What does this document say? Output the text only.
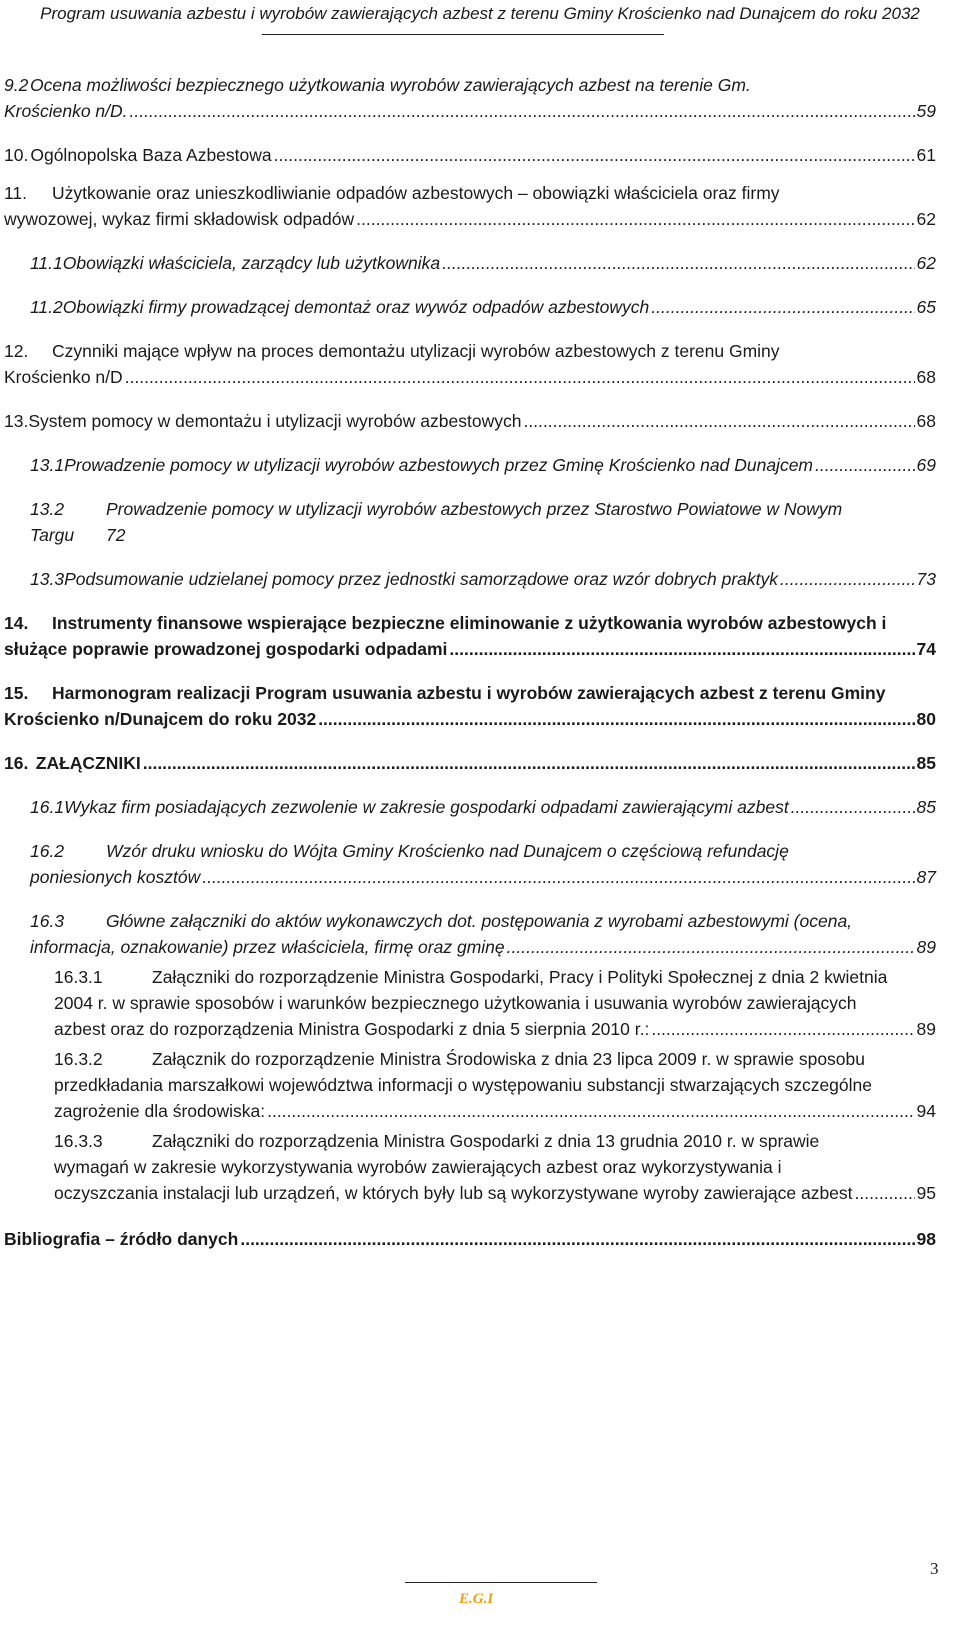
Program usuwania azbestu i wyrobów zawierających azbest z terenu Gminy Krościenko nad Dunajcem do roku 2032
9.2 Ocena możliwości bezpiecznego użytkowania wyrobów zawierających azbest na terenie Gm.
Krościenko n/D. .....	59
10. Ogólnopolska Baza Azbestowa .....	61
11.	Użytkowanie oraz unieszkodliwianie odpadów azbestowych – obowiązki właściciela oraz firmy
wywozowej, wykaz firmi składowisk odpadów .....	62
11.1 Obowiązki właściciela, zarządcy lub użytkownika .....	62
11.2 Obowiązki firmy prowadzącej demontaż oraz wywóz odpadów azbestowych .....	65
12.	Czynniki mające wpływ na proces demontażu utylizacji wyrobów azbestowych z terenu Gminy
Krościenko n/D .....	68
13. System pomocy w demontażu i utylizacji wyrobów azbestowych .....	68
13.1 Prowadzenie pomocy w utylizacji wyrobów azbestowych przez Gminę Krościenko nad Dunajcem .....	69
13.2	Prowadzenie pomocy w utylizacji wyrobów azbestowych przez Starostwo Powiatowe w Nowym
Targu	72
13.3 Podsumowanie udzielanej pomocy przez jednostki samorządowe oraz wzór dobrych praktyk .....	73
14.	Instrumenty finansowe wspierające bezpieczne eliminowanie z użytkowania wyrobów azbestowych i
służące poprawie prowadzonej gospodarki odpadami .....	74
15.	Harmonogram realizacji Program usuwania azbestu i wyrobów zawierających azbest z terenu Gminy
Krościenko n/Dunajcem do roku 2032 .....	80
16. ZAŁĄCZNIKI .....	85
16.1 Wykaz firm posiadających zezwolenie w zakresie gospodarki odpadami zawierającymi azbest .....	85
16.2	Wzór druku wniosku do Wójta Gminy Krościenko nad Dunajcem o częściową refundację
poniesionych kosztów .....	87
16.3	Główne załączniki do aktów wykonawczych dot. postępowania z wyrobami azbestowymi (ocena,
informacja, oznakowanie) przez właściciela, firmę oraz gminę .....	89
16.3.1	Załączniki do rozporządzenie Ministra Gospodarki, Pracy i Polityki Społecznej z dnia 2 kwietnia
2004 r. w sprawie sposobów i warunków bezpiecznego użytkowania i usuwania wyrobów zawierających
azbest oraz do rozporządzenia Ministra Gospodarki z dnia 5 sierpnia 2010 r.: .....	89
16.3.2	Załącznik do rozporządzenie Ministra Środowiska z dnia 23 lipca 2009 r. w sprawie sposobu
przedkładania marszałkowi województwa informacji o występowaniu substancji stwarzających szczególne
zagrożenie dla środowiska: .....	94
16.3.3	Załączniki do rozporządzenia Ministra Gospodarki z dnia 13 grudnia 2010 r. w sprawie
wymagań w zakresie wykorzystywania wyrobów zawierających azbest oraz wykorzystywania i
oczyszczania instalacji lub urządzeń, w których były lub są wykorzystywane wyroby zawierające azbest .....	95
Bibliografia – źródło danych .....	98
3
E.G.I
